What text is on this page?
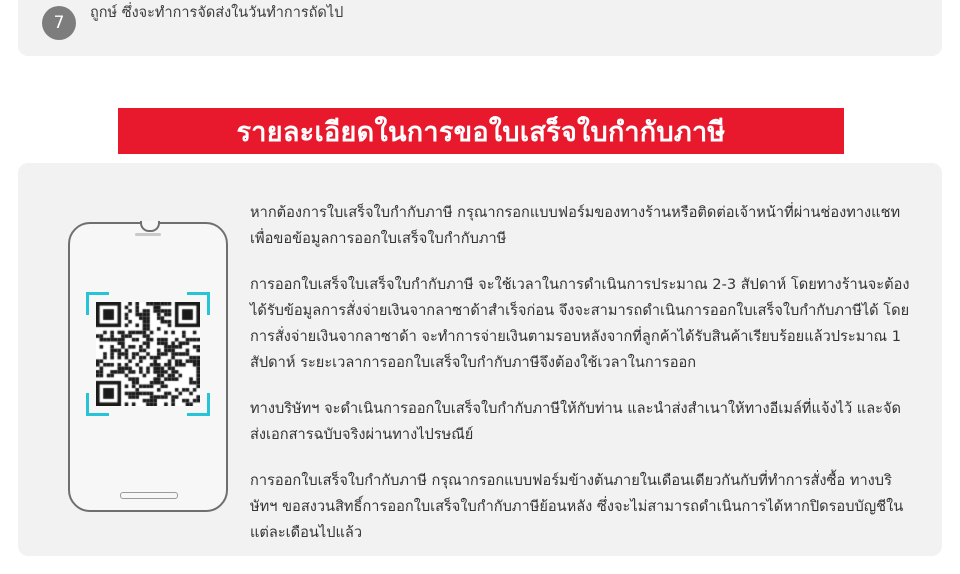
7	ถูกษ์ ซึ่งจะทำการจัดส่งในวันทำการถัดไป
รายละเอียดในการขอใบเสร็จใบกำกับภาษี

หากต้องการใบเสร็จใบกำกับภาษี กรุณากรอกแบบฟอร์มของทางร้านหรือติดต่อเจ้าหน้าที่ผ่านช่องทางแชท เพื่อขอข้อมูลการออกใบเสร็จใบกำกับภาษี

การออกใบเสร็จใบเสร็จใบกำกับภาษี จะใช้เวลาในการดำเนินการประมาณ 2-3 สัปดาห์ โดยทางร้านจะต้องได้รับข้อมูลการสั่งจ่ายเงินจากลาซาด้าสำเร็จก่อน จึงจะสามารถดำเนินการออกใบเสร็จใบกำกับภาษีได้ โดยการสั่งจ่ายเงินจากลาซาด้า จะทำการจ่ายเงินตามรอบหลังจากที่ลูกค้าได้รับสินค้าเรียบร้อยแล้วประมาณ 1 สัปดาห์ ระยะเวลาการออกใบเสร็จใบกำกับภาษีจึงต้องใช้เวลาในการออก

ทางบริษัทฯ จะดำเนินการออกใบเสร็จใบกำกับภาษีให้กับท่าน และนำส่งสำเนาให้ทางอีเมล์ที่แจ้งไว้ และจัดส่งเอกสารฉบับจริงผ่านทางไปรษณีย์

การออกใบเสร็จใบกำกับภาษี กรุณากรอกแบบฟอร์มข้างต้นภายในเดือนเดียวกันกับที่ทำการสั่งซื้อ ทางบริษัทฯ ขอสงวนสิทธิ์การออกใบเสร็จใบกำกับภาษีย้อนหลัง ซึ่งจะไม่สามารถดำเนินการได้หากปิดรอบบัญชีในแต่ละเดือนไปแล้ว
